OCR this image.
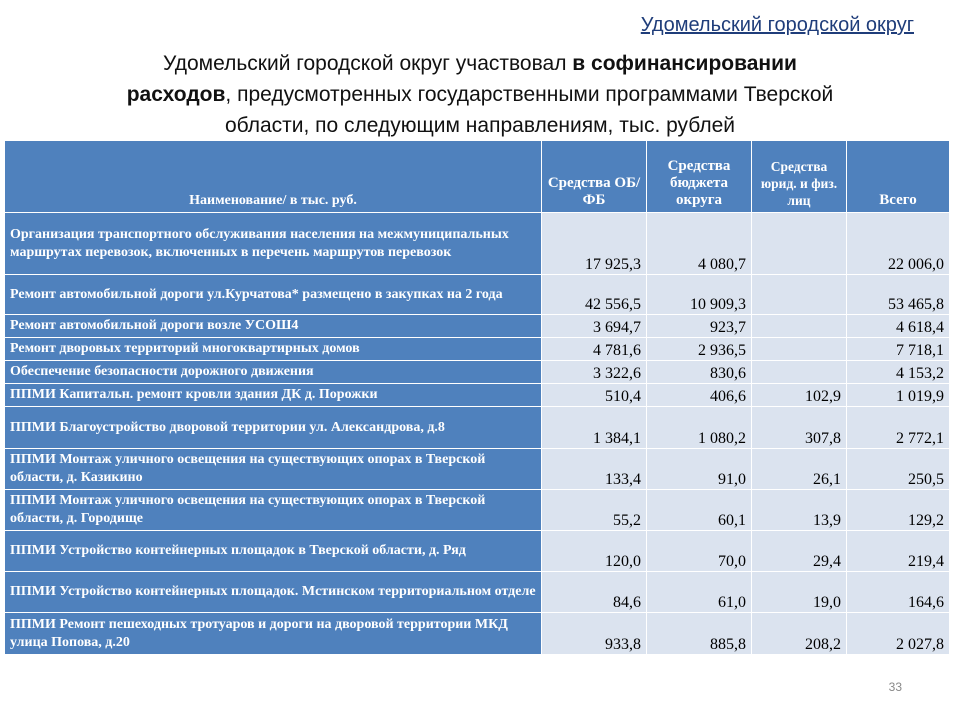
Удомельский городской округ
Удомельский городской округ участвовал в софинансировании
расходов, предусмотренных государственными программами Тверской
области, по следующим направлениям, тыс. рублей
Наименование/ в тыс. руб.	Средства ОБ/ФБ	Средства бюджета округа	Средства юрид. и физ. лиц	Всего
Организация транспортного обслуживания населения на межмуниципальных маршрутах перевозок, включенных в перечень маршрутов перевозок	17 925,3	4 080,7		22 006,0
Ремонт автомобильной дороги ул.Курчатова* размещено в закупках на 2 года	42 556,5	10 909,3		53 465,8
Ремонт автомобильной дороги возле УСОШ4	3 694,7	923,7		4 618,4
Ремонт дворовых территорий многоквартирных домов	4 781,6	2 936,5		7 718,1
Обеспечение безопасности дорожного движения	3 322,6	830,6		4 153,2
ППМИ Капитальн. ремонт кровли здания ДК д. Порожки	510,4	406,6	102,9	1 019,9
ППМИ Благоустройство дворовой территории ул. Александрова, д.8	1 384,1	1 080,2	307,8	2 772,1
ППМИ Монтаж уличного освещения на существующих опорах в Тверской области, д. Казикино	133,4	91,0	26,1	250,5
ППМИ Монтаж уличного освещения на существующих опорах в Тверской области, д. Городище	55,2	60,1	13,9	129,2
ППМИ Устройство контейнерных площадок в Тверской области, д. Ряд	120,0	70,0	29,4	219,4
ППМИ Устройство контейнерных площадок. Мстинском территориальном отделе	84,6	61,0	19,0	164,6
ППМИ Ремонт пешеходных тротуаров и дороги на дворовой территории МКД улица Попова, д.20	933,8	885,8	208,2	2 027,8
33
